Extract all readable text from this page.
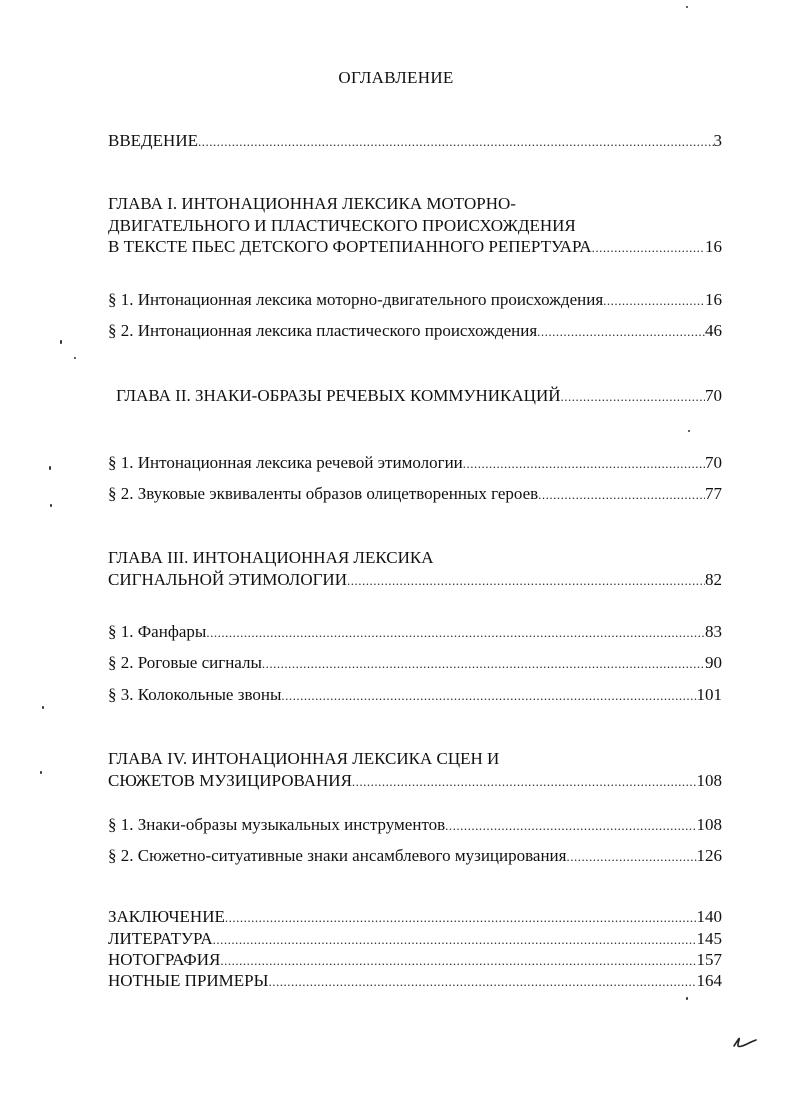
ОГЛАВЛЕНИЕ
ВВЕДЕНИЕ .....	3
ГЛАВА I. ИНТОНАЦИОННАЯ ЛЕКСИКА МОТОРНО-
ДВИГАТЕЛЬНОГО И ПЛАСТИЧЕСКОГО ПРОИСХОЖДЕНИЯ
В ТЕКСТЕ ПЬЕС ДЕТСКОГО ФОРТЕПИАННОГО РЕПЕРТУАРА .....	16
§ 1. Интонационная лексика моторно-двигательного происхождения .....	16
§ 2. Интонационная лексика пластического происхождения .....	46
ГЛАВА II. ЗНАКИ-ОБРАЗЫ РЕЧЕВЫХ КОММУНИКАЦИЙ .....	70
§ 1. Интонационная лексика речевой этимологии .....	70
§ 2. Звуковые эквиваленты образов олицетворенных героев .....	77
ГЛАВА III. ИНТОНАЦИОННАЯ ЛЕКСИКА
СИГНАЛЬНОЙ ЭТИМОЛОГИИ .....	82
§ 1. Фанфары .....	83
§ 2. Роговые сигналы .....	90
§ 3. Колокольные звоны .....	101
ГЛАВА IV. ИНТОНАЦИОННАЯ ЛЕКСИКА СЦЕН И
СЮЖЕТОВ МУЗИЦИРОВАНИЯ .....	108
§ 1. Знаки-образы музыкальных инструментов .....	108
§ 2. Сюжетно-ситуативные знаки ансамблевого музицирования .....	126
ЗАКЛЮЧЕНИЕ .....	140
ЛИТЕРАТУРА .....	145
НОТОГРАФИЯ .....	157
НОТНЫЕ ПРИМЕРЫ .....	164
